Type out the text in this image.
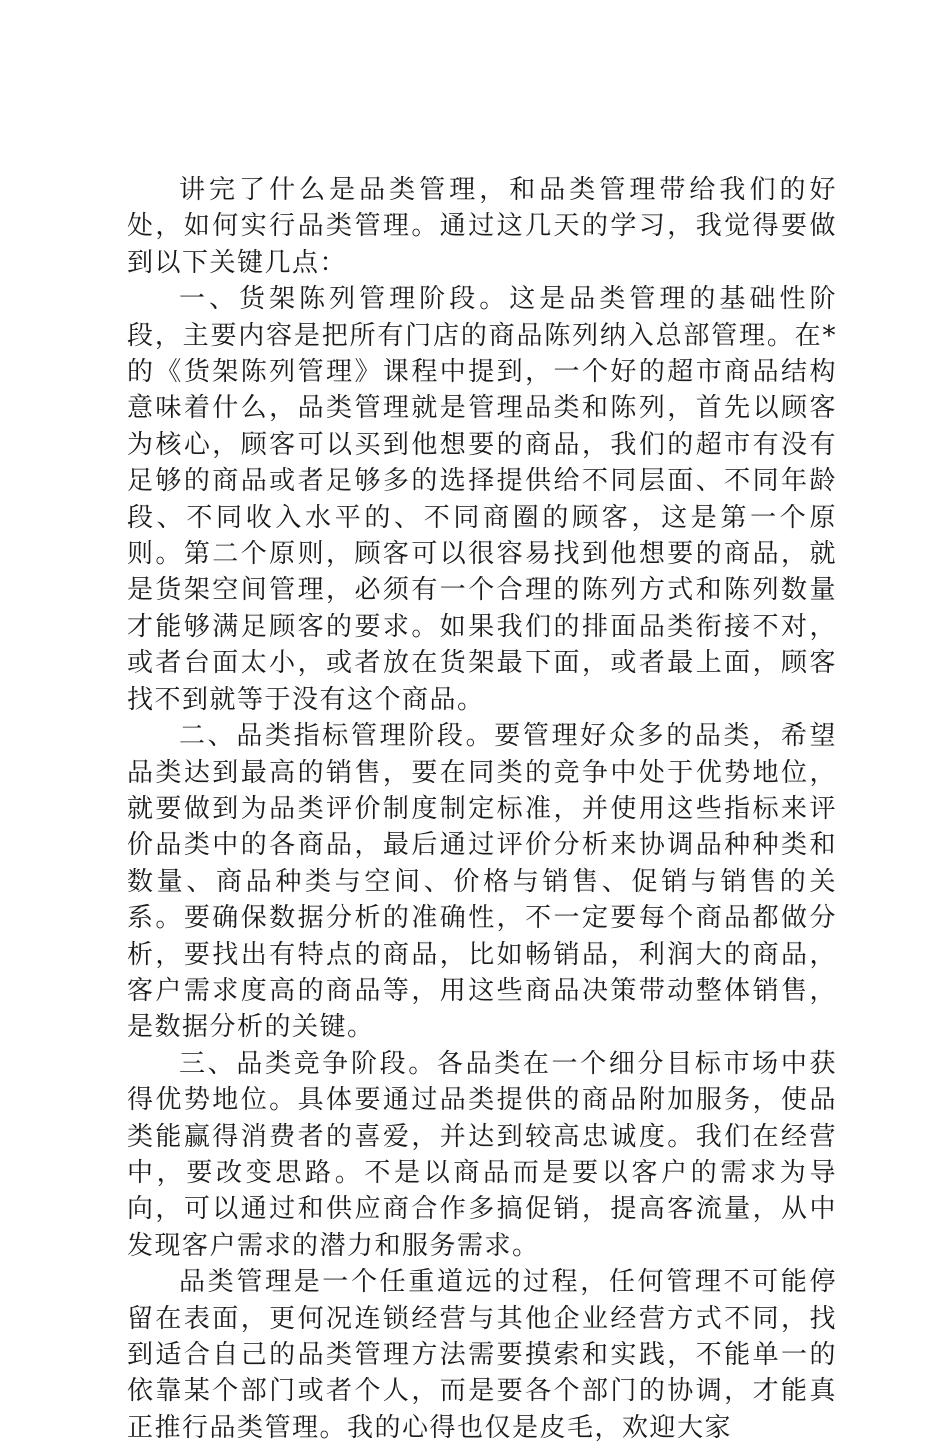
讲完了什么是品类管理，和品类管理带给我们的好处，如何实行品类管理。通过这几天的学习，我觉得要做到以下关键几点：

一、货架陈列管理阶段。这是品类管理的基础性阶段，主要内容是把所有门店的商品陈列纳入总部管理。在*的《货架陈列管理》课程中提到，一个好的超市商品结构意味着什么，品类管理就是管理品类和陈列，首先以顾客为核心，顾客可以买到他想要的商品，我们的超市有没有足够的商品或者足够多的选择提供给不同层面、不同年龄段、不同收入水平的、不同商圈的顾客，这是第一个原则。第二个原则，顾客可以很容易找到他想要的商品，就是货架空间管理，必须有一个合理的陈列方式和陈列数量才能够满足顾客的要求。如果我们的排面品类衔接不对，或者台面太小，或者放在货架最下面，或者最上面，顾客找不到就等于没有这个商品。

二、品类指标管理阶段。要管理好众多的品类，希望品类达到最高的销售，要在同类的竞争中处于优势地位，就要做到为品类评价制度制定标准，并使用这些指标来评价品类中的各商品，最后通过评价分析来协调品种种类和数量、商品种类与空间、价格与销售、促销与销售的关系。要确保数据分析的准确性，不一定要每个商品都做分析，要找出有特点的商品，比如畅销品，利润大的商品，客户需求度高的商品等，用这些商品决策带动整体销售，是数据分析的关键。

三、品类竞争阶段。各品类在一个细分目标市场中获得优势地位。具体要通过品类提供的商品附加服务，使品类能赢得消费者的喜爱，并达到较高忠诚度。我们在经营中，要改变思路。不是以商品而是要以客户的需求为导向，可以通过和供应商合作多搞促销，提高客流量，从中发现客户需求的潜力和服务需求。

品类管理是一个任重道远的过程，任何管理不可能停留在表面，更何况连锁经营与其他企业经营方式不同，找到适合自己的品类管理方法需要摸索和实践，不能单一的依靠某个部门或者个人，而是要各个部门的协调，才能真正推行品类管理。我的心得也仅是皮毛，欢迎大家
